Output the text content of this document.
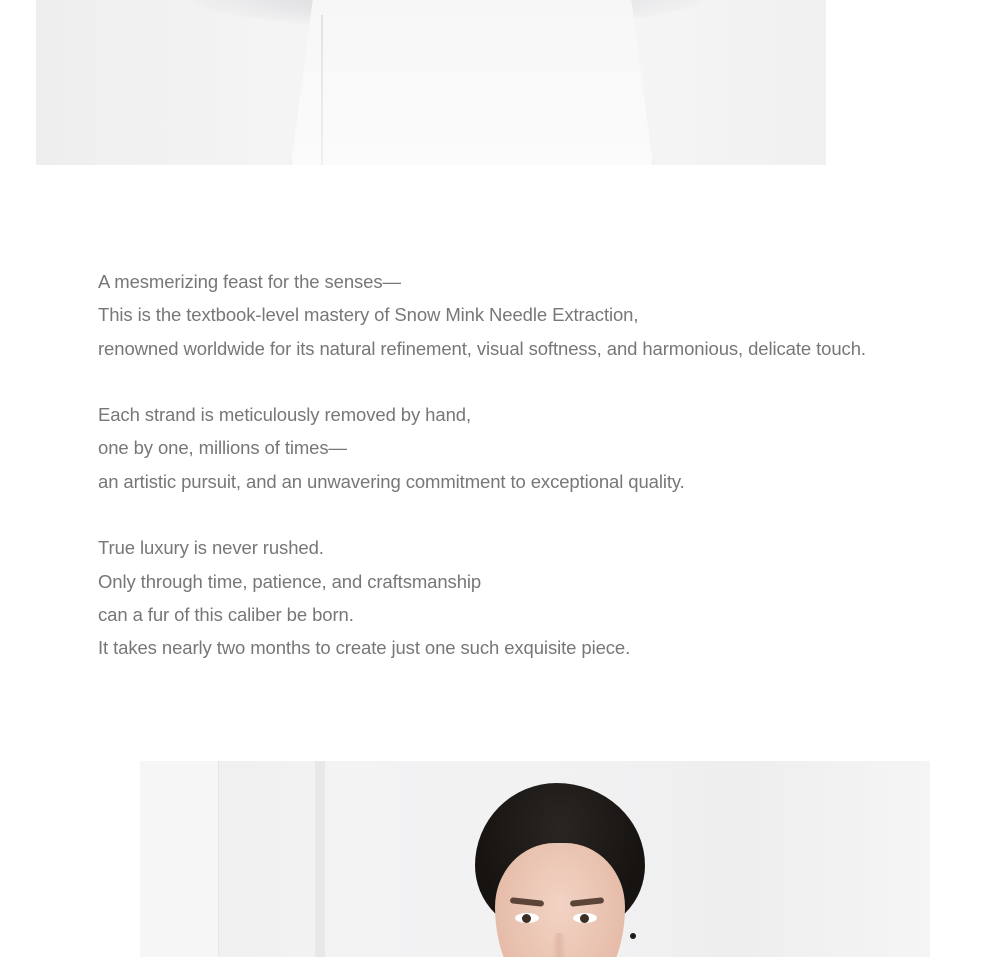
A mesmerizing feast for the senses—
This is the textbook-level mastery of Snow Mink Needle Extraction,
renowned worldwide for its natural refinement, visual softness, and harmonious, delicate touch.

Each strand is meticulously removed by hand,
one by one, millions of times—
an artistic pursuit, and an unwavering commitment to exceptional quality.

True luxury is never rushed.
Only through time, patience, and craftsmanship
can a fur of this caliber be born.
It takes nearly two months to create just one such exquisite piece.
